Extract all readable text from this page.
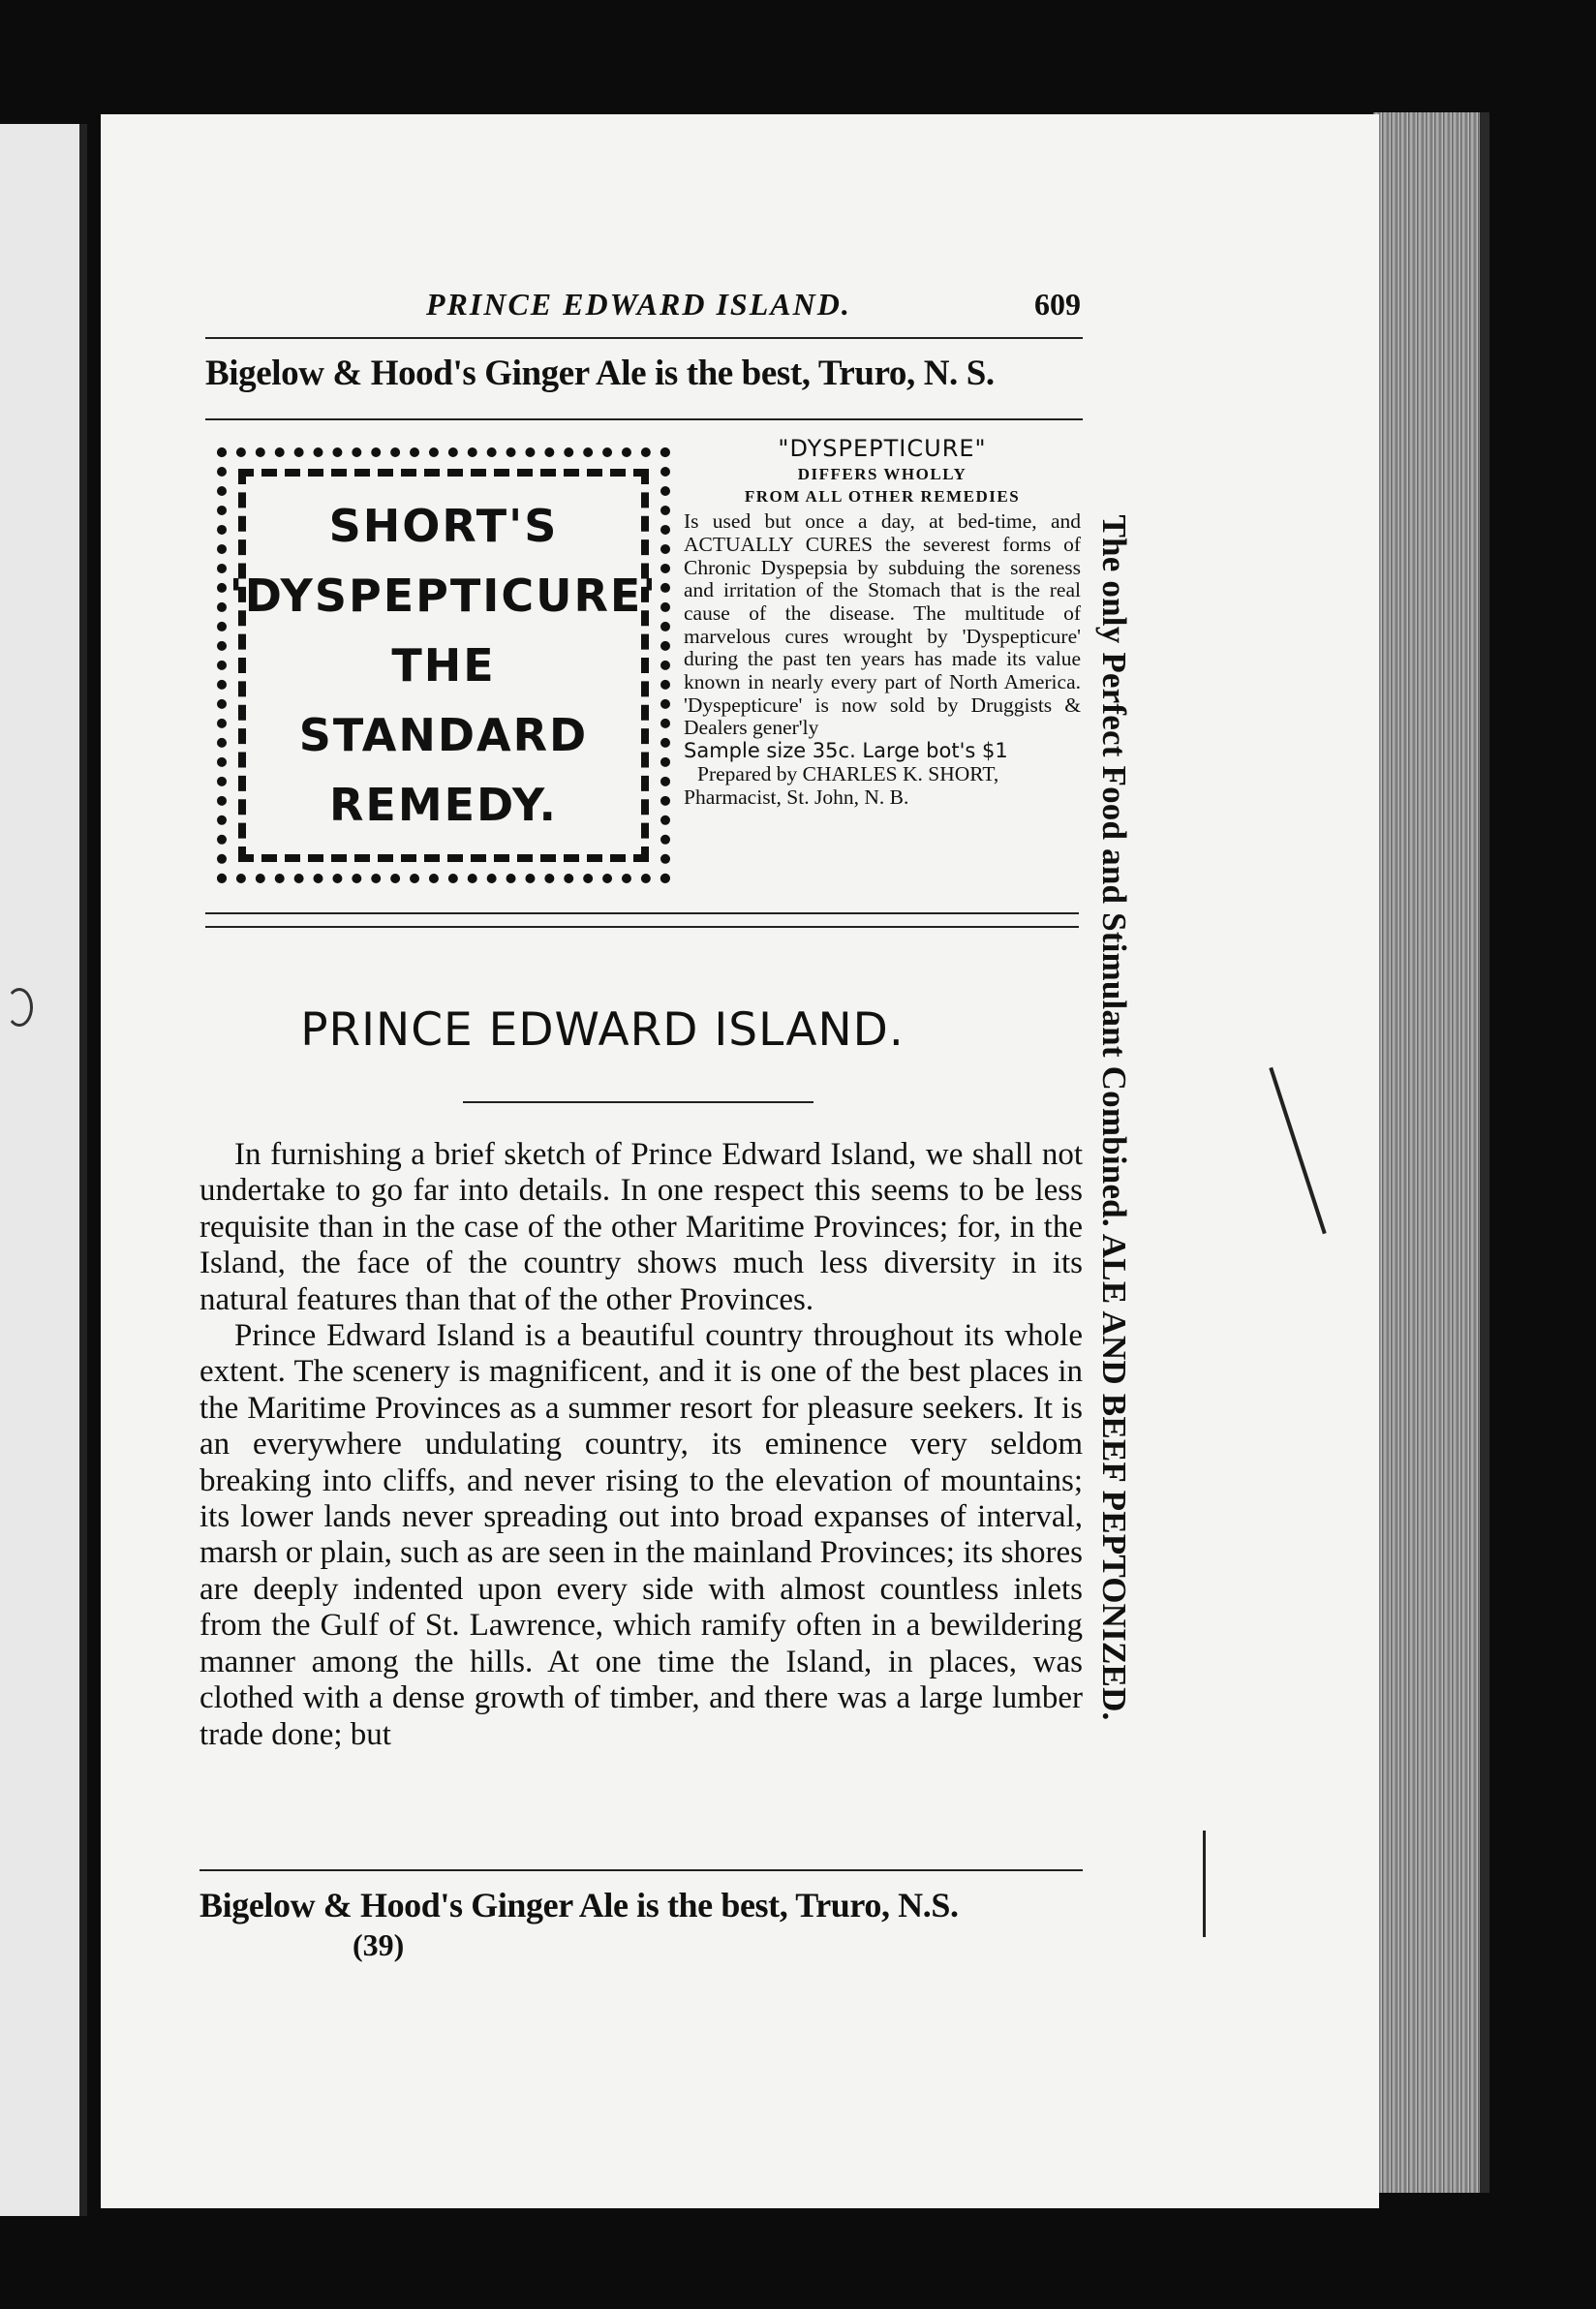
PRINCE EDWARD ISLAND.	609
Bigelow & Hood's Ginger Ale is the best, Truro, N. S.
SHORT'S
'DYSPEPTICURE'
THE
STANDARD
REMEDY.
"DYSPEPTICURE"
DIFFERS WHOLLY
FROM ALL OTHER REMEDIES
Is used but once a day, at bed-time, and ACTUALLY CURES the severest forms of Chronic Dyspepsia by subduing the soreness and irritation of the Stomach that is the real cause of the disease. The multitude of marvelous cures wrought by 'Dyspepticure' during the past ten years has made its value known in nearly every part of North America. 'Dyspepticure' is now sold by Druggists & Dealers gener'ly
Sample size 35c. Large bot's $1
Prepared by CHARLES K. SHORT,
Pharmacist, St. John, N. B.
PRINCE EDWARD ISLAND.

In furnishing a brief sketch of Prince Edward Island, we shall not undertake to go far into details. In one respect this seems to be less requisite than in the case of the other Maritime Provinces; for, in the Island, the face of the country shows much less diversity in its natural features than that of the other Provinces.

Prince Edward Island is a beautiful country throughout its whole extent. The scenery is magnificent, and it is one of the best places in the Maritime Provinces as a summer resort for pleasure seekers. It is an everywhere undulating country, its eminence very seldom breaking into cliffs, and never rising to the elevation of mountains; its lower lands never spreading out into broad expanses of interval, marsh or plain, such as are seen in the mainland Provinces; its shores are deeply indented upon every side with almost countless inlets from the Gulf of St. Lawrence, which ramify often in a bewildering manner among the hills. At one time the Island, in places, was clothed with a dense growth of timber, and there was a large lumber trade done; but

Bigelow & Hood's Ginger Ale is the best, Truro, N.S.
(39)
The only Perfect Food and Stimulant Combined. ALE AND BEEF PEPTONIZED.
